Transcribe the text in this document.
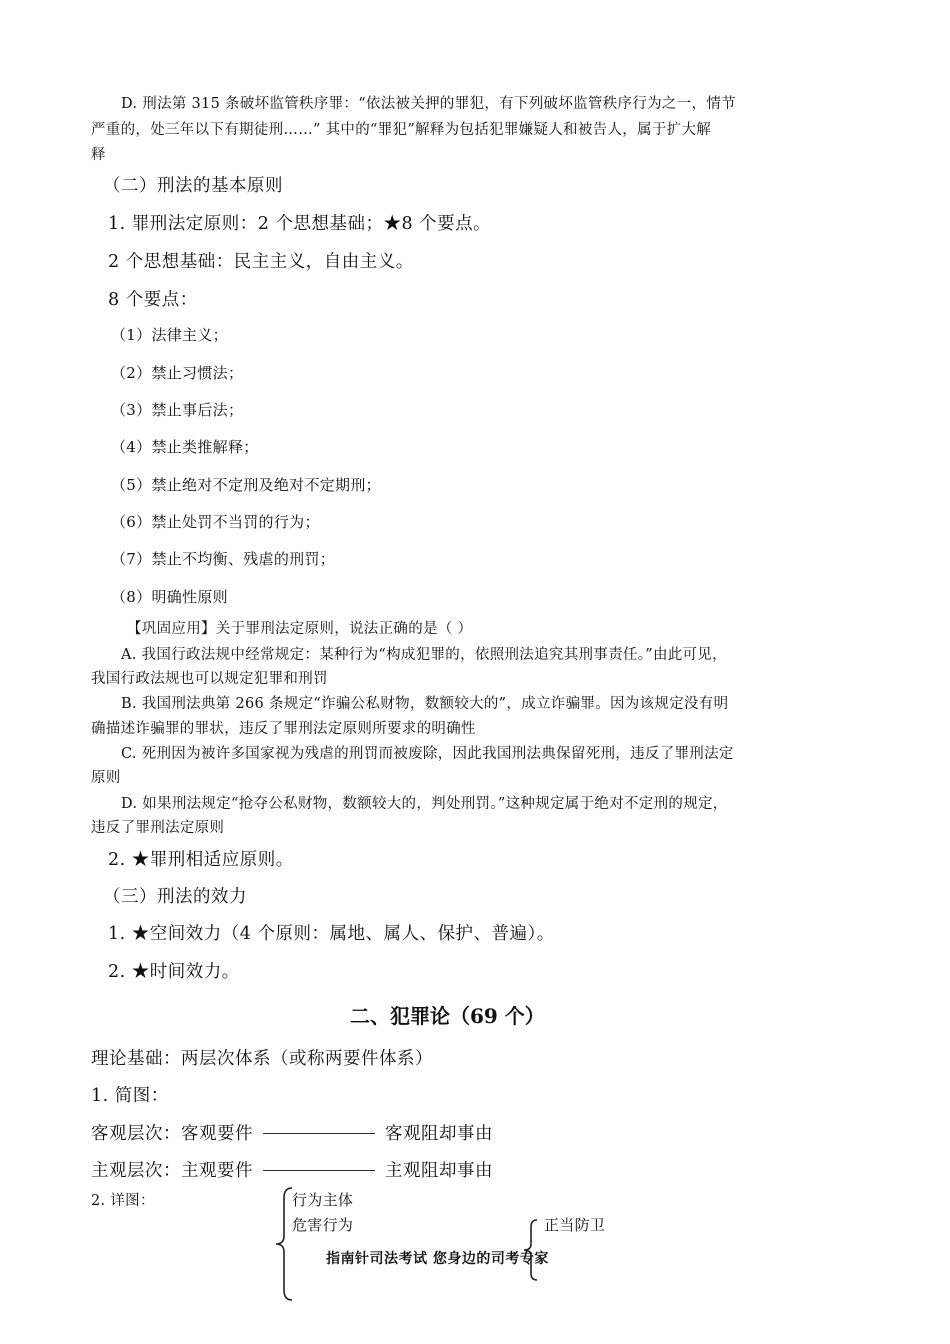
D. 刑法第 315 条破坏监管秩序罪：“依法被关押的罪犯，有下列破坏监管秩序行为之一，情节
严重的，处三年以下有期徒刑……” 其中的“罪犯”解释为包括犯罪嫌疑人和被告人，属于扩大解
释
（二）刑法的基本原则
1. 罪刑法定原则：2 个思想基础；★8 个要点。
2 个思想基础：民主主义，自由主义。
8 个要点：
（1）法律主义；
（2）禁止习惯法；
（3）禁止事后法；
（4）禁止类推解释；
（5）禁止绝对不定刑及绝对不定期刑；
（6）禁止处罚不当罚的行为；
（7）禁止不均衡、残虐的刑罚；
（8）明确性原则
【巩固应用】关于罪刑法定原则，说法正确的是（ ）
A. 我国行政法规中经常规定：某种行为“构成犯罪的，依照刑法追究其刑事责任。”由此可见，
我国行政法规也可以规定犯罪和刑罚
B. 我国刑法典第 266 条规定“诈骗公私财物，数额较大的”，成立诈骗罪。因为该规定没有明
确描述诈骗罪的罪状，违反了罪刑法定原则所要求的明确性
C. 死刑因为被许多国家视为残虐的刑罚而被废除，因此我国刑法典保留死刑，违反了罪刑法定
原则
D. 如果刑法规定“抢夺公私财物，数额较大的，判处刑罚。”这种规定属于绝对不定刑的规定，
违反了罪刑法定原则
2. ★罪刑相适应原则。
（三）刑法的效力
1. ★空间效力（4 个原则：属地、属人、保护、普遍）。
2. ★时间效力。
二、犯罪论（69 个）
理论基础：两层次体系（或称两要件体系）
1. 简图：
客观层次：客观要件	客观阻却事由
主观层次：主观要件	主观阻却事由
2. 详图：	行为主体
危害行为	正当防卫
指南针司法考试 您身边的司考专家
